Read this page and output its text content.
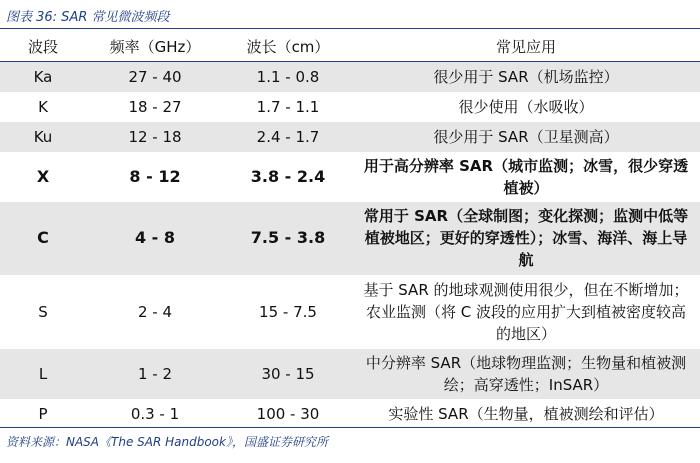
图表 36: SAR 常见微波频段
波段	频率（GHz）	波长（cm）	常见应用
Ka	27 - 40	1.1 - 0.8	很少用于 SAR（机场监控）
K	18 - 27	1.7 - 1.1	很少使用（水吸收）
Ku	12 - 18	2.4 - 1.7	很少用于 SAR（卫星测高）
X	8 - 12	3.8 - 2.4	用于高分辨率 SAR（城市监测；冰雪，很少穿透植被）
C	4 - 8	7.5 - 3.8	常用于 SAR（全球制图；变化探测；监测中低等植被地区；更好的穿透性）；冰雪、海洋、海上导航
S	2 - 4	15 - 7.5	基于 SAR 的地球观测使用很少，但在不断增加；农业监测（将 C 波段的应用扩大到植被密度较高的地区）
L	1 - 2	30 - 15	中分辨率 SAR（地球物理监测；生物量和植被测绘；高穿透性；InSAR）
P	0.3 - 1	100 - 30	实验性 SAR（生物量，植被测绘和评估）
资料来源：NASA《The SAR Handbook》，国盛证券研究所
